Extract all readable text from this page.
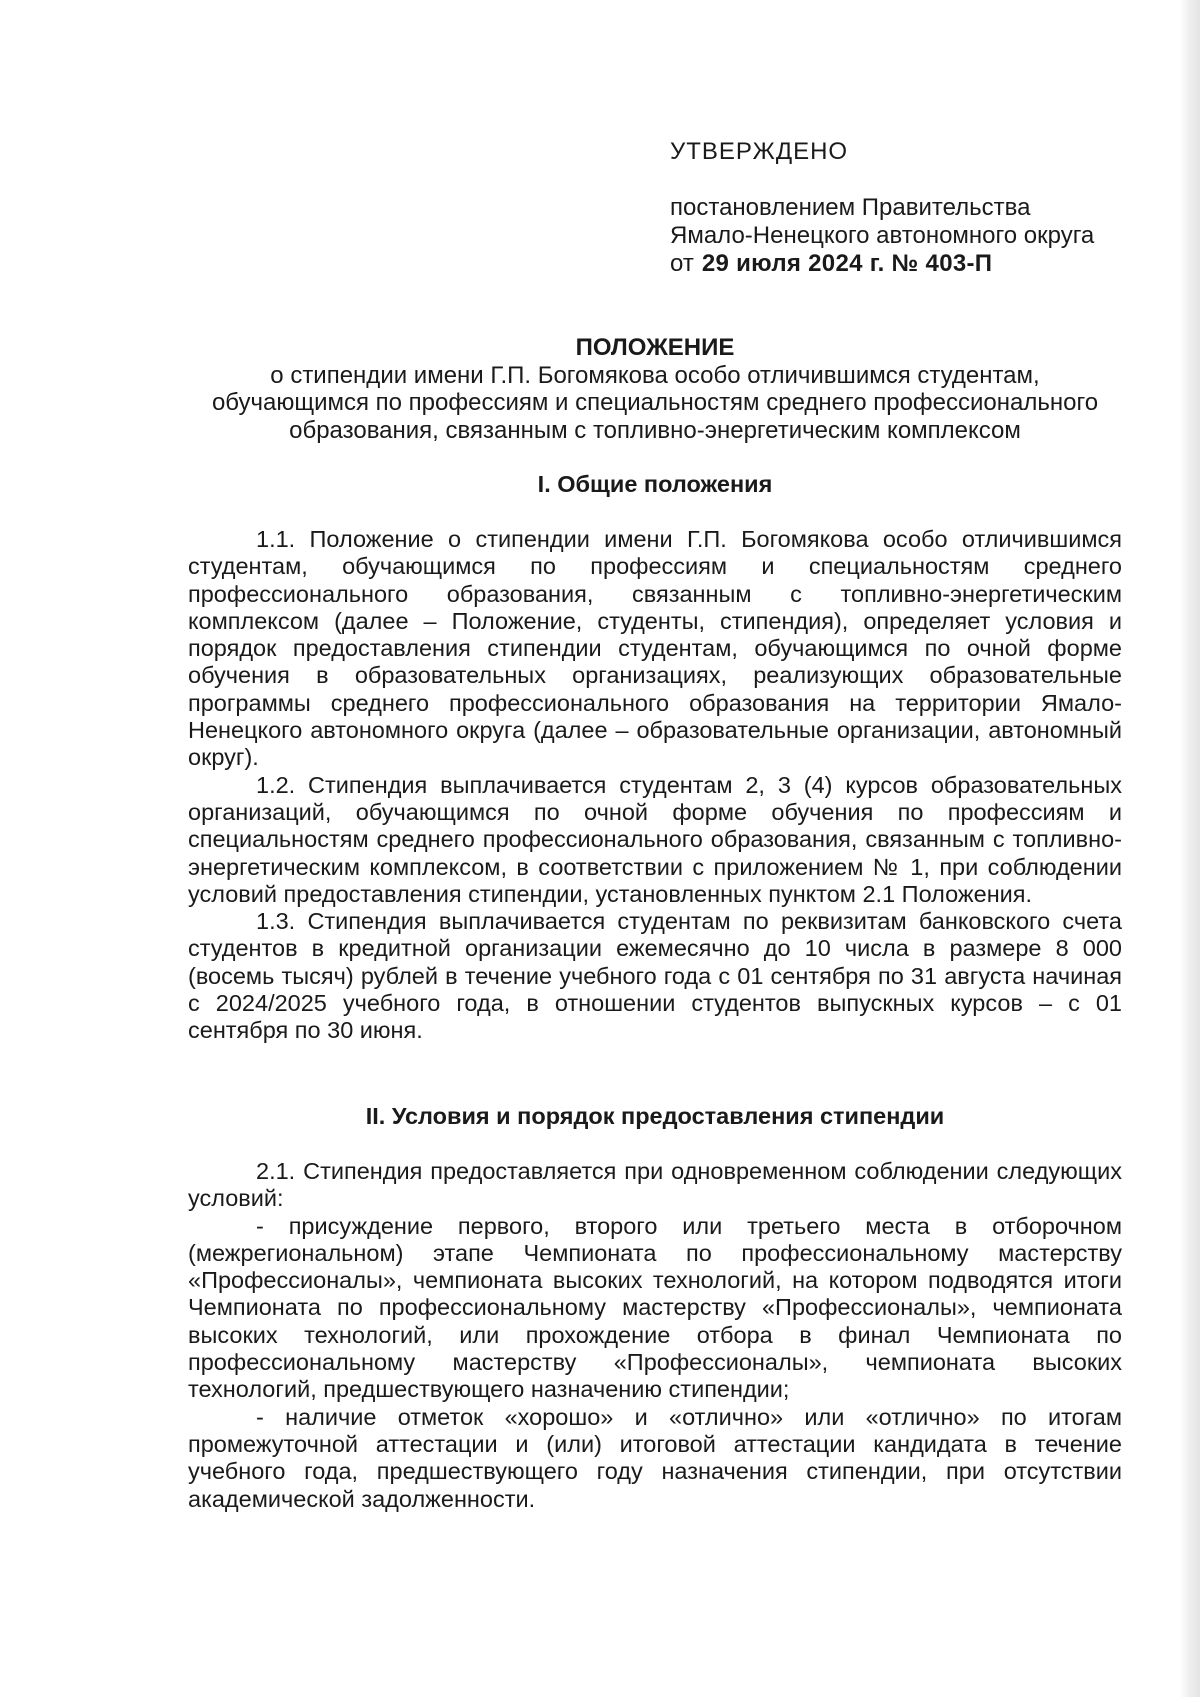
УТВЕРЖДЕНО
постановлением Правительства
Ямало-Ненецкого автономного округа
от 29 июля 2024 г. № 403-П
ПОЛОЖЕНИЕ
о стипендии имени Г.П. Богомякова особо отличившимся студентам,
обучающимся по профессиям и специальностям среднего профессионального
образования, связанным с топливно-энергетическим комплексом
I. Общие положения

1.1. Положение о стипендии имени Г.П. Богомякова особо отличившимся студентам, обучающимся по профессиям и специальностям среднего профессионального образования, связанным с топливно-энергетическим комплексом (далее – Положение, студенты, стипендия), определяет условия и порядок предоставления стипендии студентам, обучающимся по очной форме обучения в образовательных организациях, реализующих образовательные программы среднего профессионального образования на территории Ямало-Ненецкого автономного округа (далее – образовательные организации, автономный округ).

1.2. Стипендия выплачивается студентам 2, 3 (4) курсов образовательных организаций, обучающимся по очной форме обучения по профессиям и специальностям среднего профессионального образования, связанным с топливно-энергетическим комплексом, в соответствии с приложением № 1, при соблюдении условий предоставления стипендии, установленных пунктом 2.1 Положения.

1.3. Стипендия выплачивается студентам по реквизитам банковского счета студентов в кредитной организации ежемесячно до 10 числа в размере 8 000 (восемь тысяч) рублей в течение учебного года с 01 сентября по 31 августа начиная с 2024/2025 учебного года, в отношении студентов выпускных курсов – с 01 сентября по 30 июня.

II. Условия и порядок предоставления стипендии

2.1. Стипендия предоставляется при одновременном соблюдении следующих условий:

- присуждение первого, второго или третьего места в отборочном (межрегиональном) этапе Чемпионата по профессиональному мастерству «Профессионалы», чемпионата высоких технологий, на котором подводятся итоги Чемпионата по профессиональному мастерству «Профессионалы», чемпионата высоких технологий, или прохождение отбора в финал Чемпионата по профессиональному мастерству «Профессионалы», чемпионата высоких технологий, предшествующего назначению стипендии;

- наличие отметок «хорошо» и «отлично» или «отлично» по итогам промежуточной аттестации и (или) итоговой аттестации кандидата в течение учебного года, предшествующего году назначения стипендии, при отсутствии академической задолженности.
